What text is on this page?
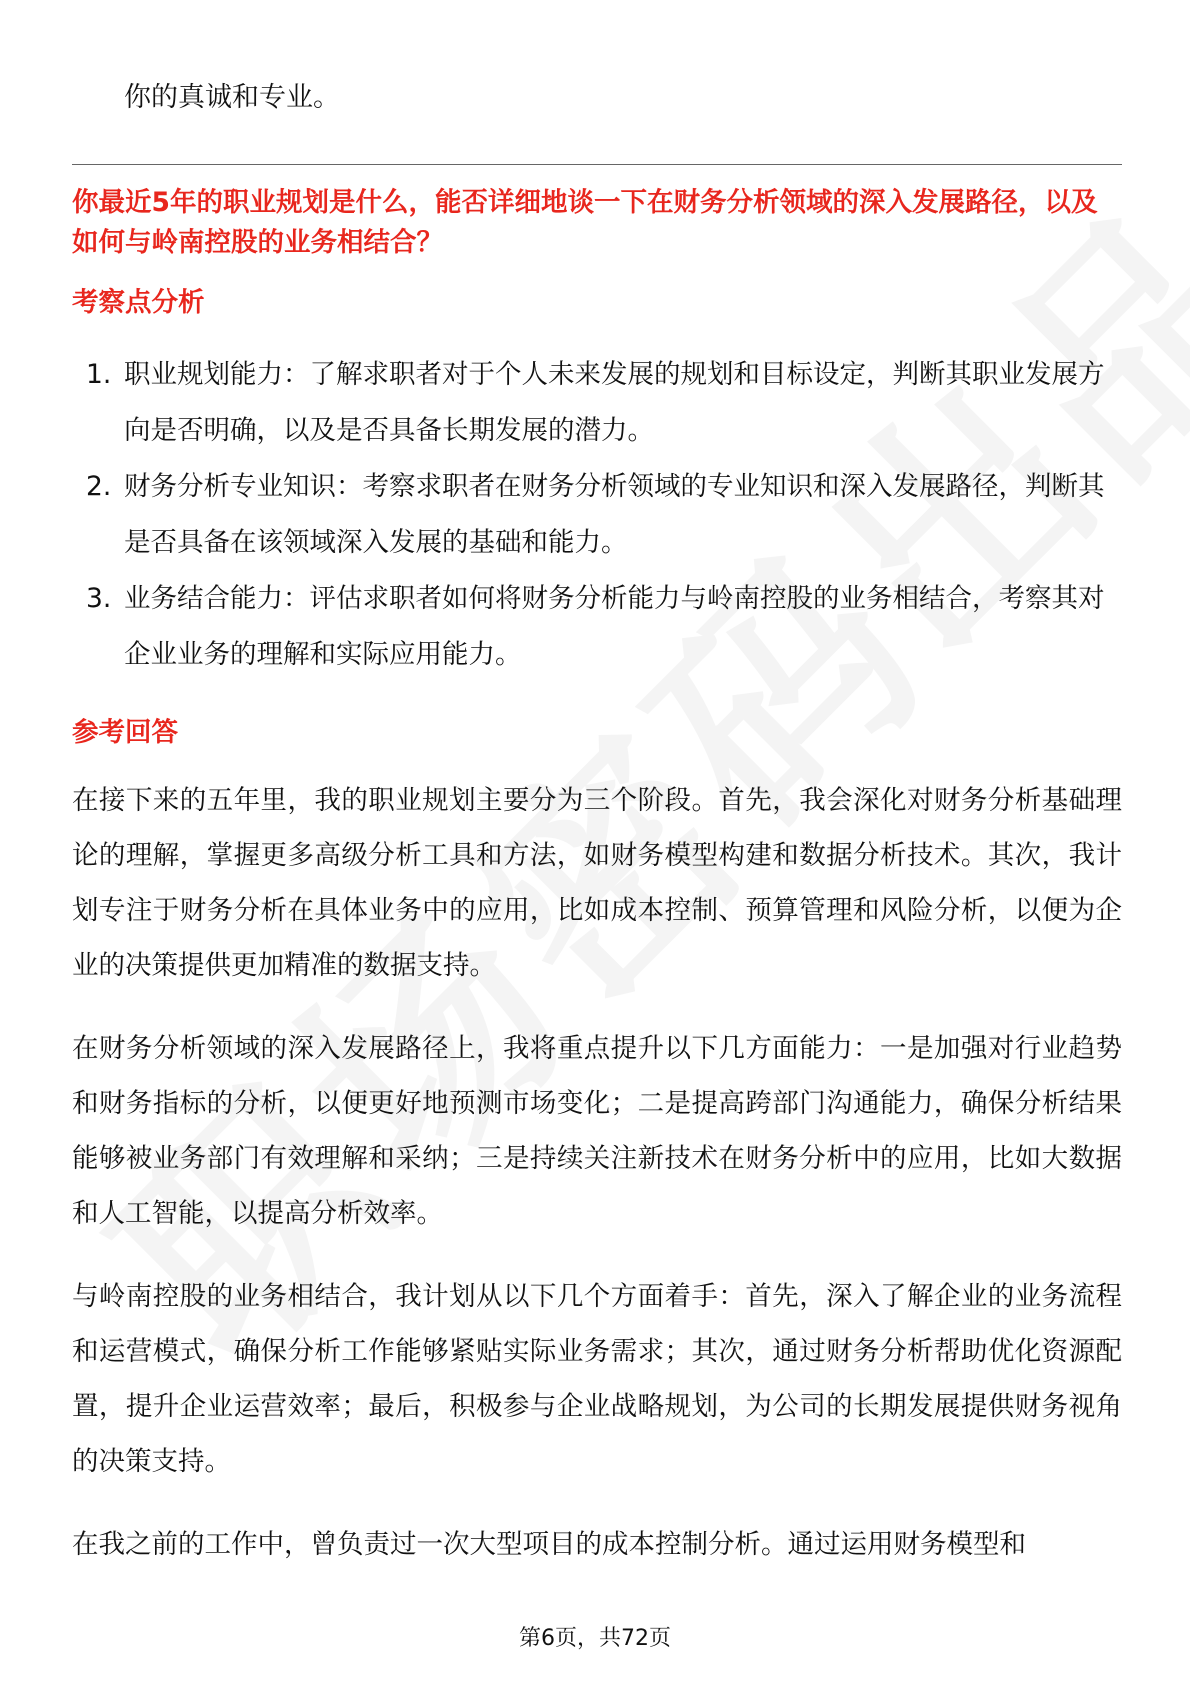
你的真诚和专业。

你最近5年的职业规划是什么，能否详细地谈一下在财务分析领域的深入发展路径，以及如何与岭南控股的业务相结合？
考察点分析
1. 职业规划能力：了解求职者对于个人未来发展的规划和目标设定，判断其职业发展方向是否明确，以及是否具备长期发展的潜力。
2. 财务分析专业知识：考察求职者在财务分析领域的专业知识和深入发展路径，判断其是否具备在该领域深入发展的基础和能力。
3. 业务结合能力：评估求职者如何将财务分析能力与岭南控股的业务相结合，考察其对企业业务的理解和实际应用能力。
参考回答

在接下来的五年里，我的职业规划主要分为三个阶段。首先，我会深化对财务分析基础理论的理解，掌握更多高级分析工具和方法，如财务模型构建和数据分析技术。其次，我计划专注于财务分析在具体业务中的应用，比如成本控制、预算管理和风险分析，以便为企业的决策提供更加精准的数据支持。

在财务分析领域的深入发展路径上，我将重点提升以下几方面能力：一是加强对行业趋势和财务指标的分析，以便更好地预测市场变化；二是提高跨部门沟通能力，确保分析结果能够被业务部门有效理解和采纳；三是持续关注新技术在财务分析中的应用，比如大数据和人工智能，以提高分析效率。

与岭南控股的业务相结合，我计划从以下几个方面着手：首先，深入了解企业的业务流程和运营模式，确保分析工作能够紧贴实际业务需求；其次，通过财务分析帮助优化资源配置，提升企业运营效率；最后，积极参与企业战略规划，为公司的长期发展提供财务视角的决策支持。

在我之前的工作中，曾负责过一次大型项目的成本控制分析。通过运用财务模型和

第6页，共72页
